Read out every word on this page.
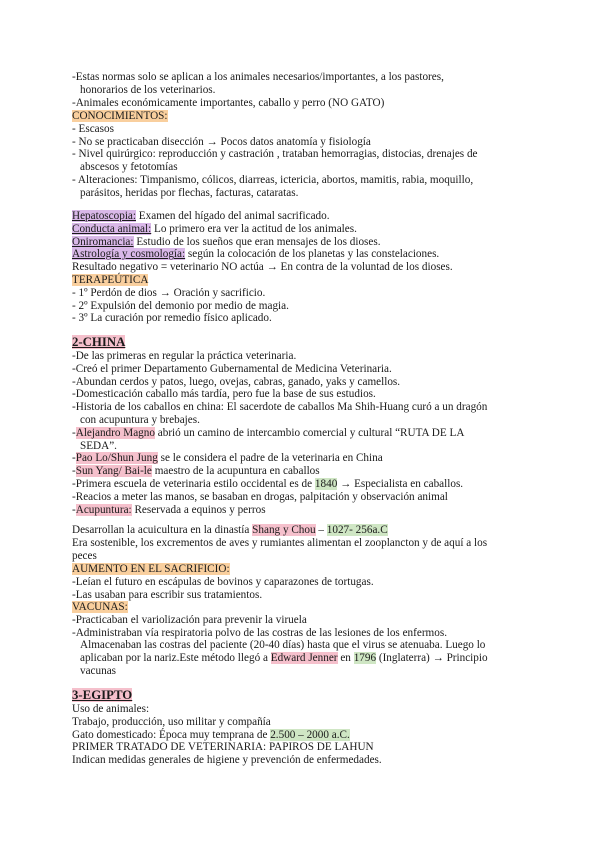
-Estas normas solo se aplican a los animales necesarios/importantes, a los pastores,
honorarios de los veterinarios.
-Animales económicamente importantes, caballo y perro (NO GATO)
CONOCIMIENTOS:
- Escasos
- No se practicaban disección → Pocos datos anatomía y fisiología
- Nivel quirúrgico: reproducción y castración , trataban hemorragias, distocias, drenajes de
abscesos y fetotomías
- Alteraciones: Timpanismo, cólicos, diarreas, ictericia, abortos, mamitis, rabia, moquillo,
parásitos, heridas por flechas, facturas, cataratas.
Hepatoscopia: Examen del hígado del animal sacrificado.
Conducta animal: Lo primero era ver la actitud de los animales.
Oniromancia: Estudio de los sueños que eran mensajes de los dioses.
Astrología y cosmología: según la colocación de los planetas y las constelaciones.
Resultado negativo = veterinario NO actúa → En contra de la voluntad de los dioses.
TERAPEÚTICA
- 1º Perdón de dios → Oración y sacrificio.
- 2º Expulsión del demonio por medio de magia.
- 3º La curación por remedio físico aplicado.
2-CHINA
-De las primeras en regular la práctica veterinaria.
-Creó el primer Departamento Gubernamental de Medicina Veterinaria.
-Abundan cerdos y patos, luego, ovejas, cabras, ganado, yaks y camellos.
-Domesticación caballo más tardía, pero fue la base de sus estudios.
-Historia de los caballos en china: El sacerdote de caballos Ma Shih-Huang curó a un dragón
con acupuntura y brebajes.
-Alejandro Magno abrió un camino de intercambio comercial y cultural “RUTA DE LA
SEDA”.
-Pao Lo/Shun Jung se le considera el padre de la veterinaria en China
-Sun Yang/ Bai-le maestro de la acupuntura en caballos
-Primera escuela de veterinaria estilo occidental es de 1840 → Especialista en caballos.
-Reacios a meter las manos, se basaban en drogas, palpitación y observación animal
-Acupuntura: Reservada a equinos y perros
Desarrollan la acuicultura en la dinastía Shang y Chou – 1027- 256a.C
Era sostenible, los excrementos de aves y rumiantes alimentan el zooplancton y de aquí a los
peces
AUMENTO EN EL SACRIFICIO:
-Leían el futuro en escápulas de bovinos y caparazones de tortugas.
-Las usaban para escribir sus tratamientos.
VACUNAS:
-Practicaban el variolización para prevenir la viruela
-Administraban vía respiratoria polvo de las costras de las lesiones de los enfermos.
Almacenaban las costras del paciente (20-40 días) hasta que el virus se atenuaba. Luego lo
aplicaban por la nariz.Este método llegó a Edward Jenner en 1796 (Inglaterra) → Principio
vacunas
3-EGIPTO
Uso de animales:
Trabajo, producción, uso militar y compañía
Gato domesticado: Época muy temprana de 2.500 – 2000 a.C.
PRIMER TRATADO DE VETERINARIA: PAPIROS DE LAHUN
Indican medidas generales de higiene y prevención de enfermedades.
